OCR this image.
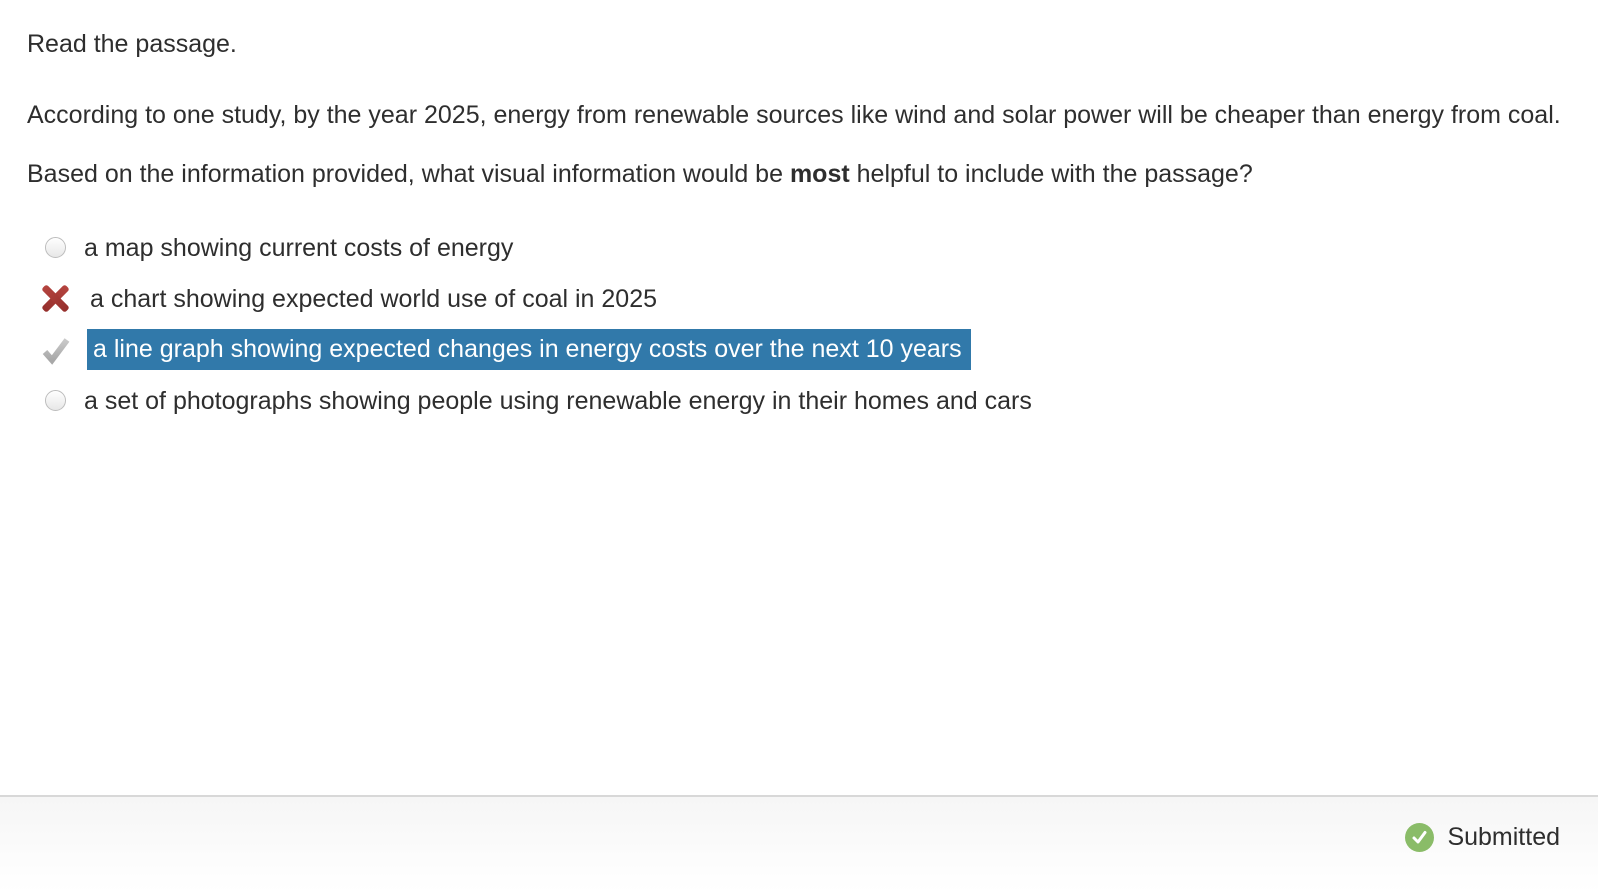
Read the passage.

According to one study, by the year 2025, energy from renewable sources like wind and solar power will be cheaper than energy from coal.

Based on the information provided, what visual information would be most helpful to include with the passage?

a map showing current costs of energy
a chart showing expected world use of coal in 2025
a line graph showing expected changes in energy costs over the next 10 years
a set of photographs showing people using renewable energy in their homes and cars
Submitted
